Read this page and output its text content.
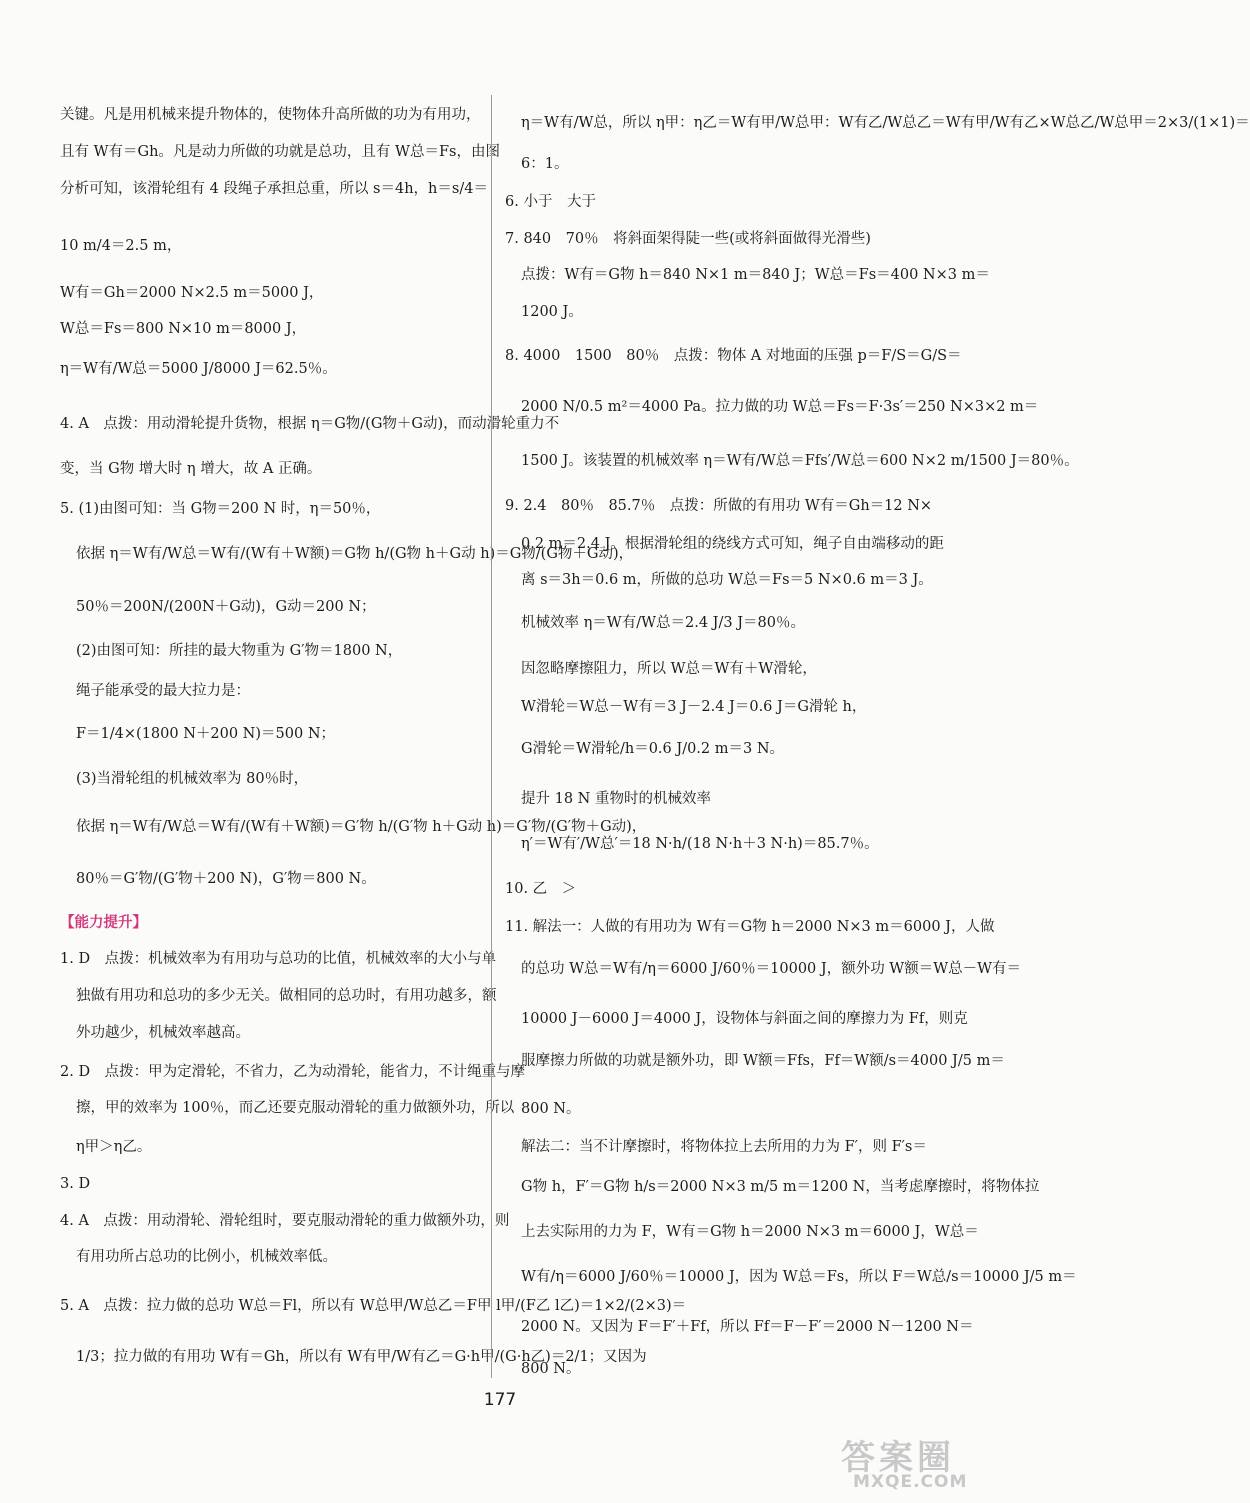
关键。凡是用机械来提升物体的，使物体升高所做的功为有用功，
且有 W有＝Gh。凡是动力所做的功就是总功，且有 W总＝Fs，由图
分析可知，该滑轮组有 4 段绳子承担总重，所以 s＝4h，h＝s/4＝
10 m/4＝2.5 m，
W有＝Gh＝2000 N×2.5 m＝5000 J，
W总＝Fs＝800 N×10 m＝8000 J，
η＝W有/W总＝5000 J/8000 J＝62.5％。
4. A　点拨：用动滑轮提升货物，根据 η＝G物/(G物＋G动)，而动滑轮重力不
变，当 G物 增大时 η 增大，故 A 正确。
5. (1)由图可知：当 G物＝200 N 时，η＝50％，
依据 η＝W有/W总＝W有/(W有＋W额)＝G物 h/(G物 h＋G动 h)＝G物/(G物＋G动)，
50％＝200N/(200N＋G动)，G动＝200 N；
(2)由图可知：所挂的最大物重为 G′物＝1800 N，
绳子能承受的最大拉力是：
F＝1/4×(1800 N＋200 N)＝500 N；
(3)当滑轮组的机械效率为 80％时，
依据 η＝W有/W总＝W有/(W有＋W额)＝G′物 h/(G′物 h＋G动 h)＝G′物/(G′物＋G动)，
80％＝G′物/(G′物＋200 N)，G′物＝800 N。
【能力提升】
1. D　点拨：机械效率为有用功与总功的比值，机械效率的大小与单
独做有用功和总功的多少无关。做相同的总功时，有用功越多，额
外功越少，机械效率越高。
2. D　点拨：甲为定滑轮，不省力，乙为动滑轮，能省力，不计绳重与摩
擦，甲的效率为 100％，而乙还要克服动滑轮的重力做额外功，所以
η甲＞η乙。
3. D
4. A　点拨：用动滑轮、滑轮组时，要克服动滑轮的重力做额外功，则
有用功所占总功的比例小，机械效率低。
5. A　点拨：拉力做的总功 W总＝Fl，所以有 W总甲/W总乙＝F甲 l甲/(F乙 l乙)＝1×2/(2×3)＝
1/3；拉力做的有用功 W有＝Gh，所以有 W有甲/W有乙＝G·h甲/(G·h乙)＝2/1；又因为
η＝W有/W总，所以 η甲：η乙＝W有甲/W总甲：W有乙/W总乙＝W有甲/W有乙×W总乙/W总甲＝2×3/(1×1)＝
6：1。
6. 小于　大于
7. 840　70％　将斜面架得陡一些(或将斜面做得光滑些)
点拨：W有＝G物 h＝840 N×1 m＝840 J；W总＝Fs＝400 N×3 m＝
1200 J。
8. 4000　1500　80％　点拨：物体 A 对地面的压强 p＝F/S＝G/S＝
2000 N/0.5 m²＝4000 Pa。拉力做的功 W总＝Fs＝F·3s′＝250 N×3×2 m＝
1500 J。该装置的机械效率 η＝W有/W总＝Ffs′/W总＝600 N×2 m/1500 J＝80％。
9. 2.4　80％　85.7％　点拨：所做的有用功 W有＝Gh＝12 N×
0.2 m＝2.4 J。根据滑轮组的绕线方式可知，绳子自由端移动的距
离 s＝3h＝0.6 m，所做的总功 W总＝Fs＝5 N×0.6 m＝3 J。
机械效率 η＝W有/W总＝2.4 J/3 J＝80％。
因忽略摩擦阻力，所以 W总＝W有＋W滑轮，
W滑轮＝W总－W有＝3 J－2.4 J＝0.6 J＝G滑轮 h，
G滑轮＝W滑轮/h＝0.6 J/0.2 m＝3 N。
提升 18 N 重物时的机械效率
η′＝W有′/W总′＝18 N·h/(18 N·h＋3 N·h)＝85.7％。
10. 乙　＞
11. 解法一：人做的有用功为 W有＝G物 h＝2000 N×3 m＝6000 J，人做
的总功 W总＝W有/η＝6000 J/60％＝10000 J，额外功 W额＝W总－W有＝
10000 J－6000 J＝4000 J，设物体与斜面之间的摩擦力为 Ff，则克
服摩擦力所做的功就是额外功，即 W额＝Ffs，Ff＝W额/s＝4000 J/5 m＝
800 N。
解法二：当不计摩擦时，将物体拉上去所用的力为 F′，则 F′s＝
G物 h，F′＝G物 h/s＝2000 N×3 m/5 m＝1200 N，当考虑摩擦时，将物体拉
上去实际用的力为 F，W有＝G物 h＝2000 N×3 m＝6000 J，W总＝
W有/η＝6000 J/60％＝10000 J，因为 W总＝Fs，所以 F＝W总/s＝10000 J/5 m＝
2000 N。又因为 F＝F′＋Ff，所以 Ff＝F－F′＝2000 N－1200 N＝
800 N。
177
答案圈
MXQE.COM
